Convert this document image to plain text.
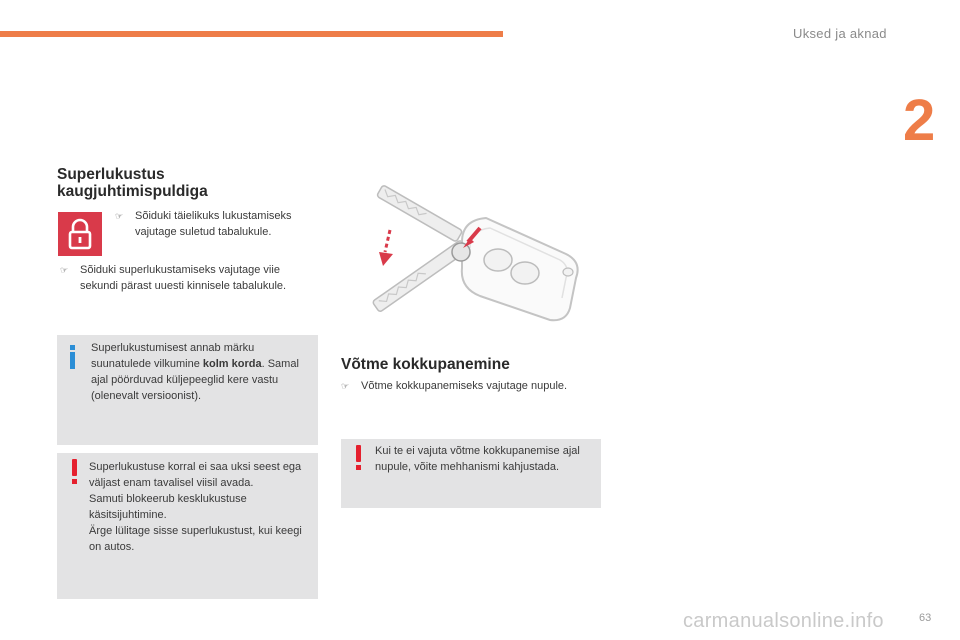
Uksed ja aknad
2
Superlukustus kaugjuhtimispuldiga
☞	Sõiduki täielikuks lukustamiseks vajutage suletud tabalukule.
☞	Sõiduki superlukustamiseks vajutage viie sekundi pärast uuesti kinnisele tabalukule.
Superlukustumisest annab märku suunatulede vilkumine kolm korda. Samal ajal pöörduvad küljepeeglid kere vastu (olenevalt versioonist).
Superlukustuse korral ei saa uksi seest ega väljast enam tavalisel viisil avada.
Samuti blokeerub kesklukustuse käsitsijuhtimine.
Ärge lülitage sisse superlukustust, kui keegi on autos.
Võtme kokkupanemine
☞	Võtme kokkupanemiseks vajutage nupule.
Kui te ei vajuta võtme kokkupanemise ajal nupule, võite mehhanismi kahjustada.
63
carmanualsonline.info
